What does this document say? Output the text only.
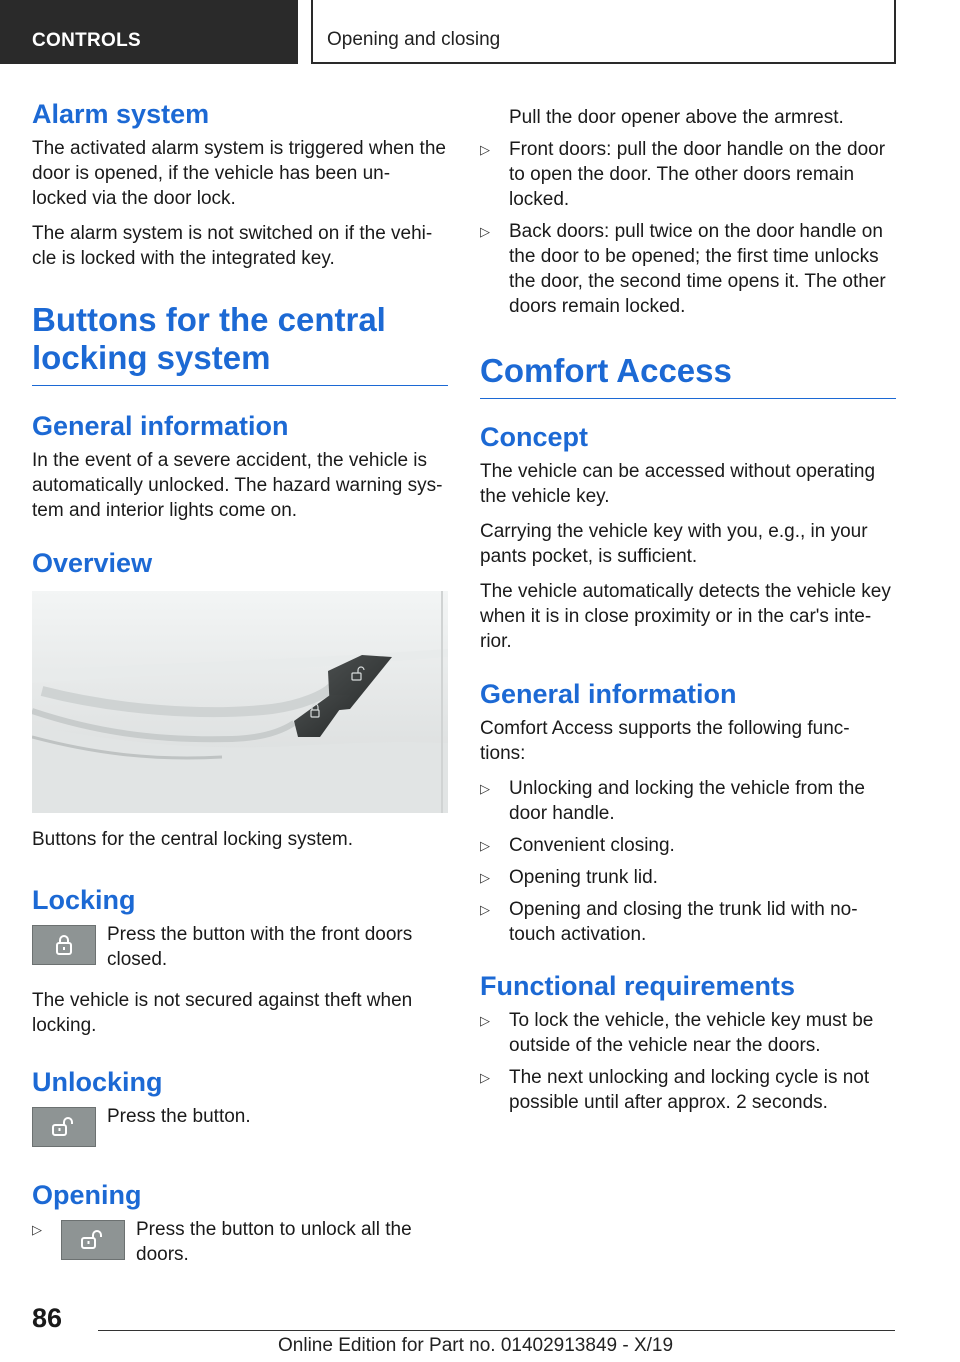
CONTROLS	Opening and closing
Alarm system

The activated alarm system is triggered when the door is opened, if the vehicle has been un- locked via the door lock.

The alarm system is not switched on if the vehi- cle is locked with the integrated key.

Buttons for the central locking system
General information

In the event of a severe accident, the vehicle is automatically unlocked. The hazard warning sys- tem and interior lights come on.

Overview

Buttons for the central locking system.

Locking

Press the button with the front doors closed.

The vehicle is not secured against theft when locking.

Unlocking

Press the button.

Opening
▷	Press the button to unlock all the doors.

Pull the door opener above the armrest.

▷ Front doors: pull the door handle on the door to open the door. The other doors remain locked.
▷ Back doors: pull twice on the door handle on the door to be opened; the first time unlocks the door, the second time opens it. The other doors remain locked.
Comfort Access
Concept

The vehicle can be accessed without operating the vehicle key.

Carrying the vehicle key with you, e.g., in your pants pocket, is sufficient.

The vehicle automatically detects the vehicle key when it is in close proximity or in the car's inte- rior.

General information

Comfort Access supports the following func- tions:

▷ Unlocking and locking the vehicle from the door handle.
▷ Convenient closing.
▷ Opening trunk lid.
▷ Opening and closing the trunk lid with no- touch activation.
Functional requirements
▷ To lock the vehicle, the vehicle key must be outside of the vehicle near the doors.
▷ The next unlocking and locking cycle is not possible until after approx. 2 seconds.
86
Online Edition for Part no. 01402913849 - X/19
